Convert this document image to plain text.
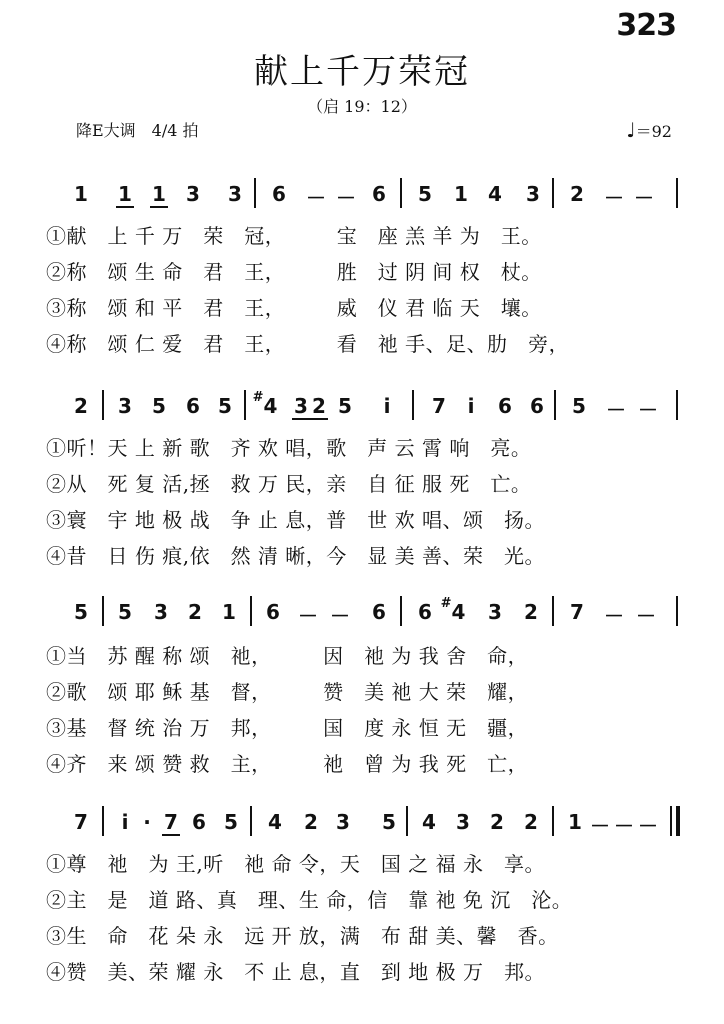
323
献上千万荣冠
（启 19：12）
降E大调　4/4 拍	♩＝92
1 1 1 3 3 6 － － 6 5 1 4 3 2 － －
①献　上 千 万　荣　冠，　　　宝　座 羔 羊 为　王。
②称　颂 生 命　君　王，　　　胜　过 阴 间 权　杖。
③称　颂 和 平　君　王，　　　威　仪 君 临 天　壤。
④称　颂 仁 爱　君　王，　　　看　祂 手、足、肋　旁，
2 3 5 6 5 #4 3 2 5 i 7 i 6 6 5 － －
①听！天 上 新 歌　齐 欢 唱，歌　声 云 霄 响　亮。
②从　死 复 活,拯　救 万 民，亲　自 征 服 死　亡。
③寰　宇 地 极 战　争 止 息，普　世 欢 唱、颂　扬。
④昔　日 伤 痕,依　然 清 晰，今　显 美 善、荣　光。
5 5 3 2 1 6 － － 6 6 #4 3 2 7 － －
①当　苏 醒 称 颂　祂，　　　因　祂 为 我 舍　命，
②歌　颂 耶 稣 基　督，　　　赞　美 祂 大 荣　耀，
③基　督 统 治 万　邦，　　　国　度 永 恒 无　疆，
④齐　来 颂 赞 救　主，　　　祂　曾 为 我 死　亡，
7 i · 7 6 5 4 2 3 5 4 3 2 2 1 － － －
①尊　祂　为 王,听　祂 命 令，天　国 之 福 永　享。
②主　是　道 路、真　理、生 命，信　靠 祂 免 沉　沦。
③生　命　花 朵 永　远 开 放，满　布 甜 美、馨　香。
④赞　美、荣 耀 永　不 止 息，直　到 地 极 万　邦。
